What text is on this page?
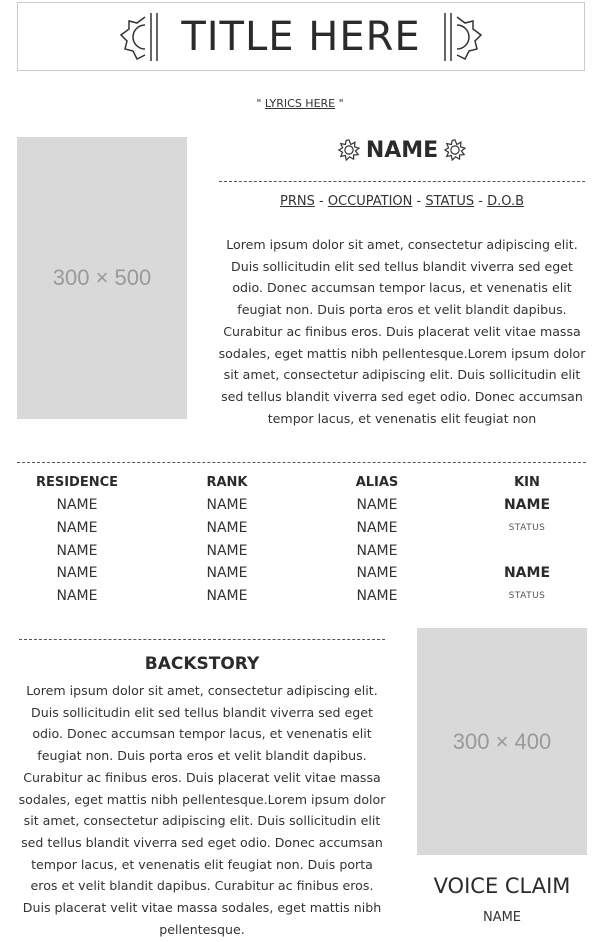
TITLE HERE
" LYRICS HERE "
300 × 500
NAME
PRNS - OCCUPATION - STATUS - D.O.B
Lorem ipsum dolor sit amet, consectetur adipiscing elit. Duis sollicitudin elit sed tellus blandit viverra sed eget odio. Donec accumsan tempor lacus, et venenatis elit feugiat non. Duis porta eros et velit blandit dapibus. Curabitur ac finibus eros. Duis placerat velit vitae massa sodales, eget mattis nibh pellentesque.Lorem ipsum dolor sit amet, consectetur adipiscing elit. Duis sollicitudin elit sed tellus blandit viverra sed eget odio. Donec accumsan tempor lacus, et venenatis elit feugiat non
RESIDENCE
NAME
NAME
NAME
NAME
NAME
RANK
NAME
NAME
NAME
NAME
NAME
ALIAS
NAME
NAME
NAME
NAME
NAME
KIN
NAME
STATUS
NAME
STATUS
BACKSTORY
Lorem ipsum dolor sit amet, consectetur adipiscing elit. Duis sollicitudin elit sed tellus blandit viverra sed eget odio. Donec accumsan tempor lacus, et venenatis elit feugiat non. Duis porta eros et velit blandit dapibus. Curabitur ac finibus eros. Duis placerat velit vitae massa sodales, eget mattis nibh pellentesque.Lorem ipsum dolor sit amet, consectetur adipiscing elit. Duis sollicitudin elit sed tellus blandit viverra sed eget odio. Donec accumsan tempor lacus, et venenatis elit feugiat non. Duis porta eros et velit blandit dapibus. Curabitur ac finibus eros. Duis placerat velit vitae massa sodales, eget mattis nibh pellentesque.
300 × 400
VOICE CLAIM
NAME
